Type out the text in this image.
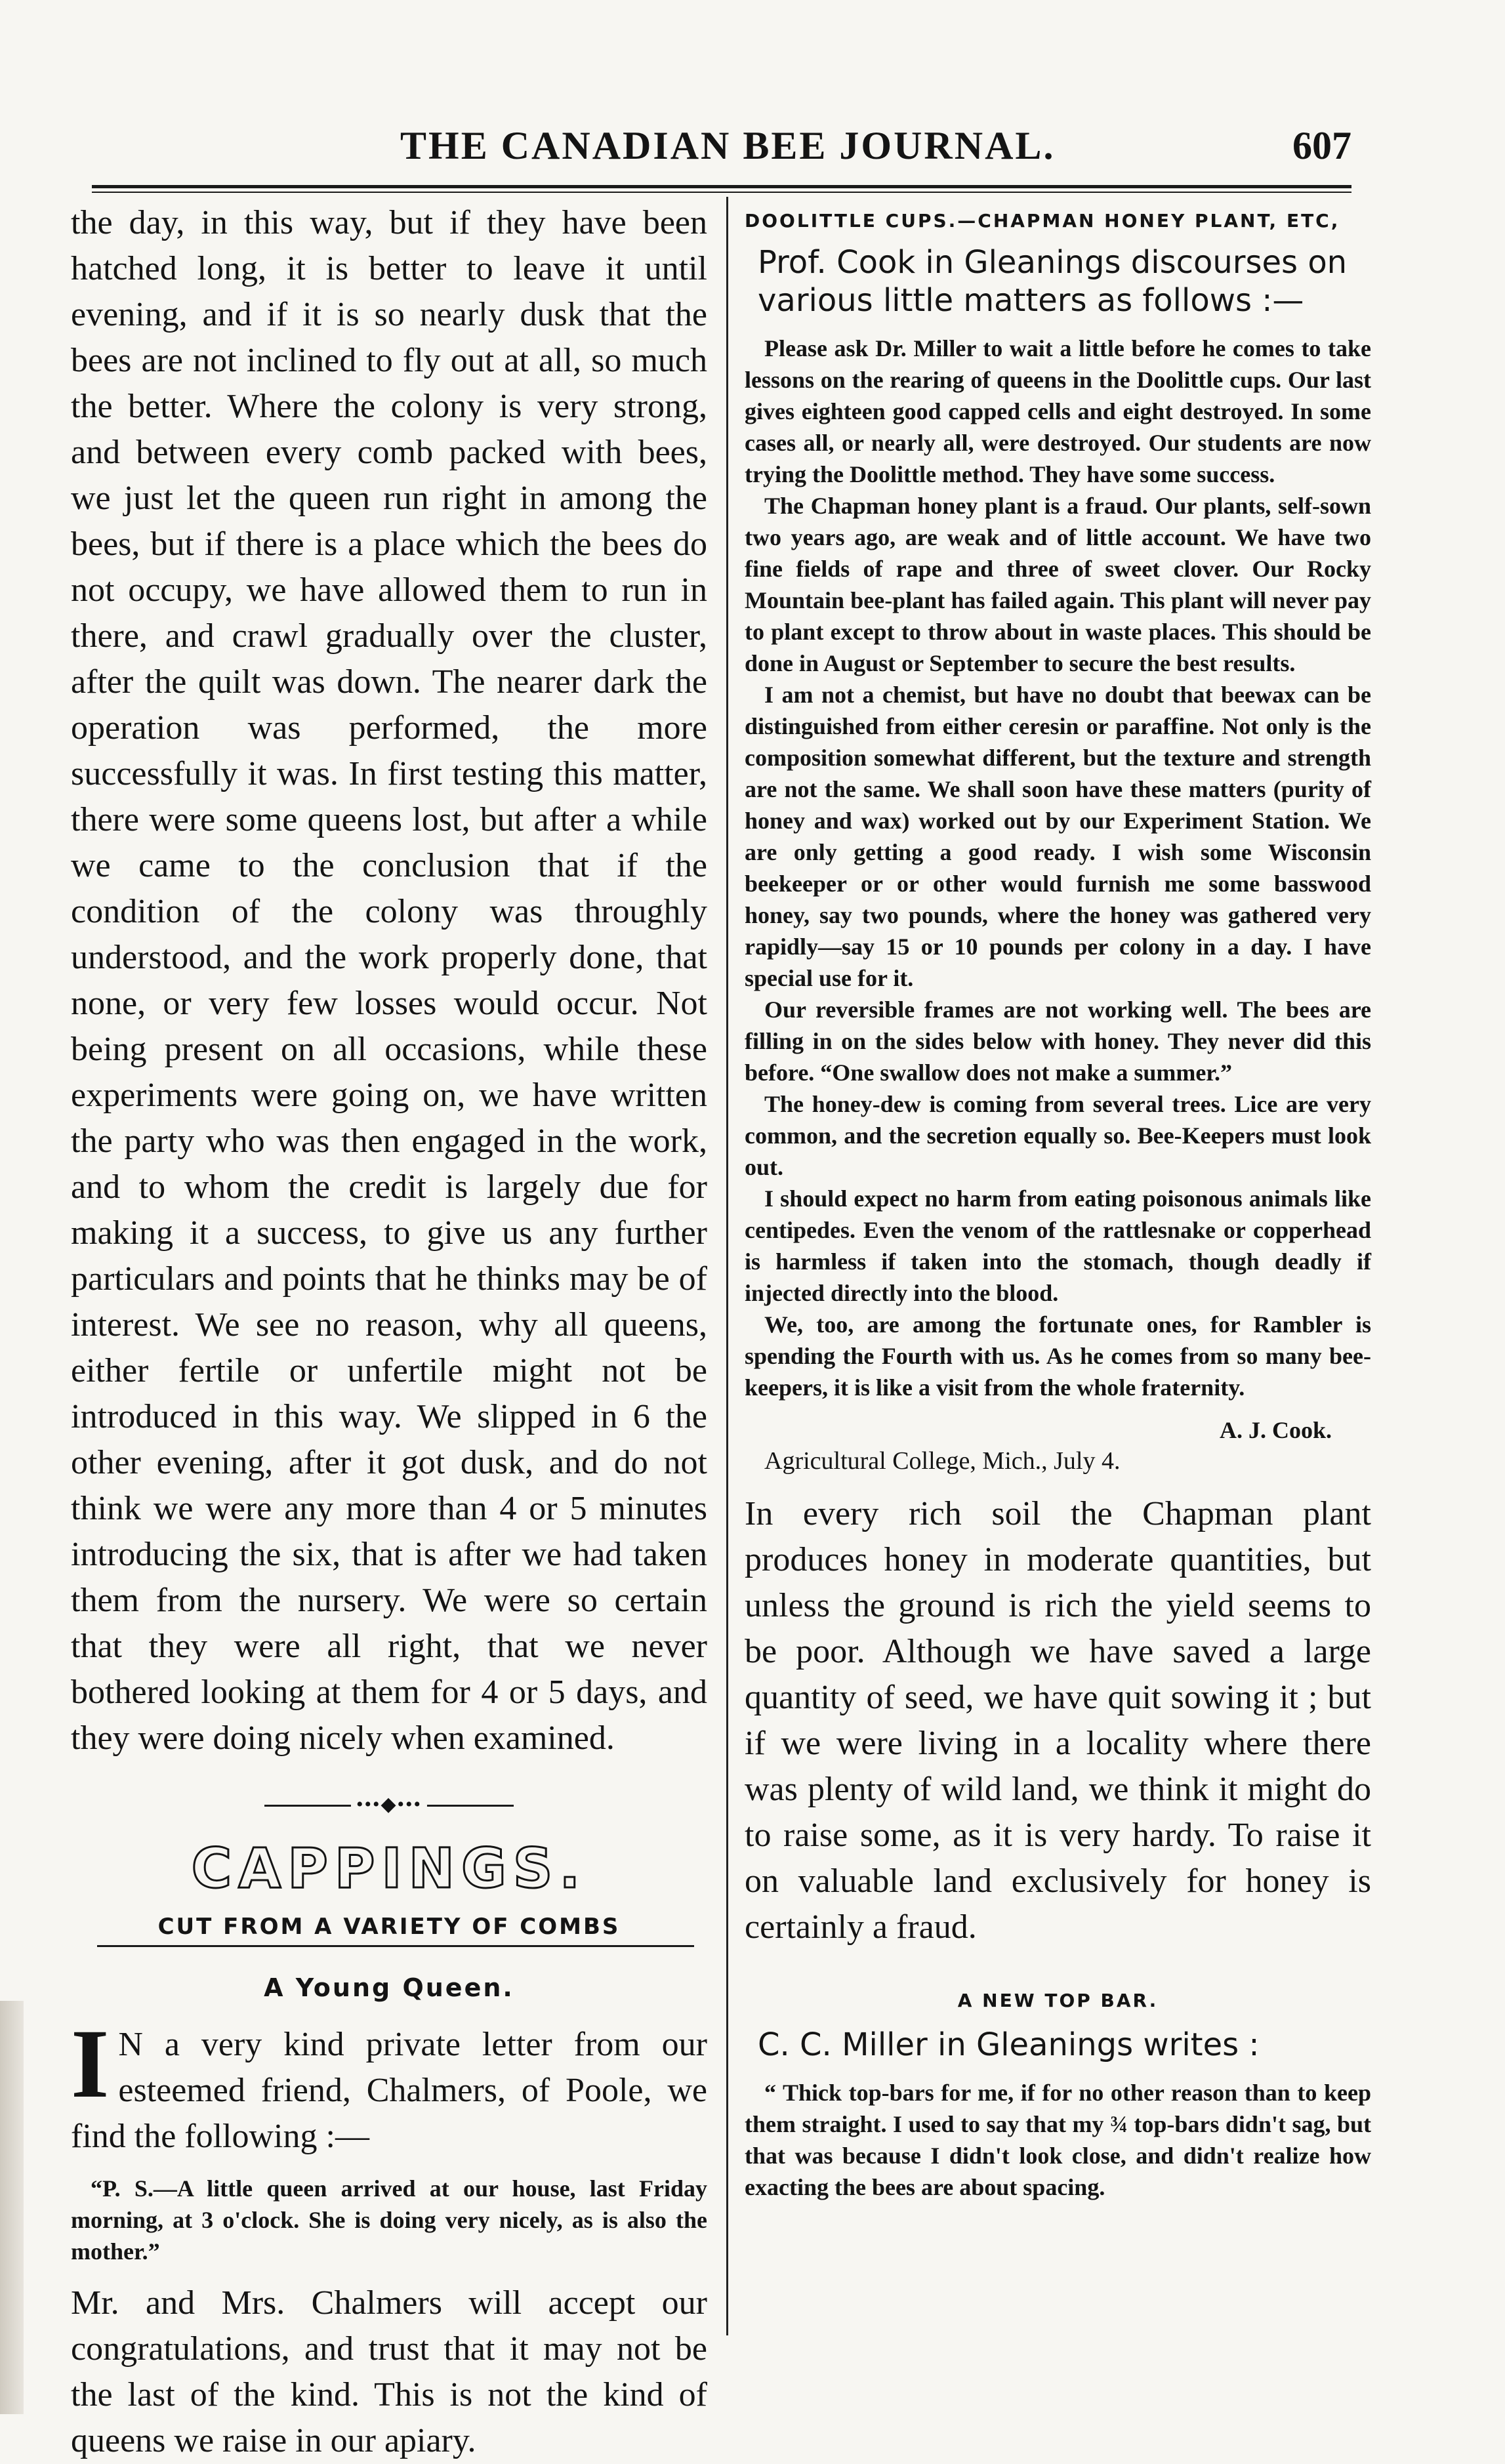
THE CANADIAN BEE JOURNAL.	607

the day, in this way, but if they have been hatched long, it is better to leave it until evening, and if it is so nearly dusk that the bees are not inclined to fly out at all, so much the better. Where the colony is very strong, and between every comb packed with bees, we just let the queen run right in among the bees, but if there is a place which the bees do not occupy, we have allowed them to run in there, and crawl gradually over the cluster, after the quilt was down. The nearer dark the operation was performed, the more successfully it was. In first testing this matter, there were some queens lost, but after a while we came to the conclusion that if the condition of the colony was throughly understood, and the work properly done, that none, or very few losses would occur. Not being present on all occasions, while these experiments were going on, we have written the party who was then engaged in the work, and to whom the credit is largely due for making it a success, to give us any further particulars and points that he thinks may be of interest. We see no reason, why all queens, either fertile or unfertile might not be introduced in this way. We slipped in 6 the other evening, after it got dusk, and do not think we were any more than 4 or 5 minutes introducing the six, that is after we had taken them from the nursery. We were so certain that they were all right, that we never bothered looking at them for 4 or 5 days, and they were doing nicely when examined.

•••◆•••
CAPPINGS.
CUT FROM A VARIETY OF COMBS
A Young Queen.
I N a very kind private letter from our esteemed friend, Chalmers, of Poole, we find the following :—

“P. S.—A little queen arrived at our house, last Friday morning, at 3 o'clock. She is doing very nicely, as is also the mother.”

Mr. and Mrs. Chalmers will accept our congratulations, and trust that it may not be the last of the kind. This is not the kind of queens we raise in our apiary.

DOOLITTLE CUPS.—CHAPMAN HONEY PLANT, ETC,
Prof. Cook in Gleanings discourses on various little matters as follows :—

Please ask Dr. Miller to wait a little before he comes to take lessons on the rearing of queens in the Doolittle cups. Our last gives eighteen good capped cells and eight destroyed. In some cases all, or nearly all, were destroyed. Our students are now trying the Doolittle method. They have some success.

The Chapman honey plant is a fraud. Our plants, self-sown two years ago, are weak and of little account. We have two fine fields of rape and three of sweet clover. Our Rocky Mountain bee-plant has failed again. This plant will never pay to plant except to throw about in waste places. This should be done in August or September to secure the best results.

I am not a chemist, but have no doubt that beewax can be distinguished from either ceresin or paraffine. Not only is the composition somewhat different, but the texture and strength are not the same. We shall soon have these matters (purity of honey and wax) worked out by our Experiment Station. We are only getting a good ready. I wish some Wisconsin beekeeper or or other would furnish me some basswood honey, say two pounds, where the honey was gathered very rapidly—say 15 or 10 pounds per colony in a day. I have special use for it.

Our reversible frames are not working well. The bees are filling in on the sides below with honey. They never did this before. “One swallow does not make a summer.”

The honey-dew is coming from several trees. Lice are very common, and the secretion equally so. Bee-Keepers must look out.

I should expect no harm from eating poisonous animals like centipedes. Even the venom of the rattlesnake or copperhead is harmless if taken into the stomach, though deadly if injected directly into the blood.

We, too, are among the fortunate ones, for Rambler is spending the Fourth with us. As he comes from so many bee-keepers, it is like a visit from the whole fraternity.

A. J. Cook.
Agricultural College, Mich., July 4.

In every rich soil the Chapman plant produces honey in moderate quantities, but unless the ground is rich the yield seems to be poor. Although we have saved a large quantity of seed, we have quit sowing it ; but if we were living in a locality where there was plenty of wild land, we think it might do to raise some, as it is very hardy. To raise it on valuable land exclusively for honey is certainly a fraud.

A NEW TOP BAR.
C. C. Miller in Gleanings writes :

“ Thick top-bars for me, if for no other reason than to keep them straight. I used to say that my ¾ top-bars didn't sag, but that was because I didn't look close, and didn't realize how exacting the bees are about spacing.
